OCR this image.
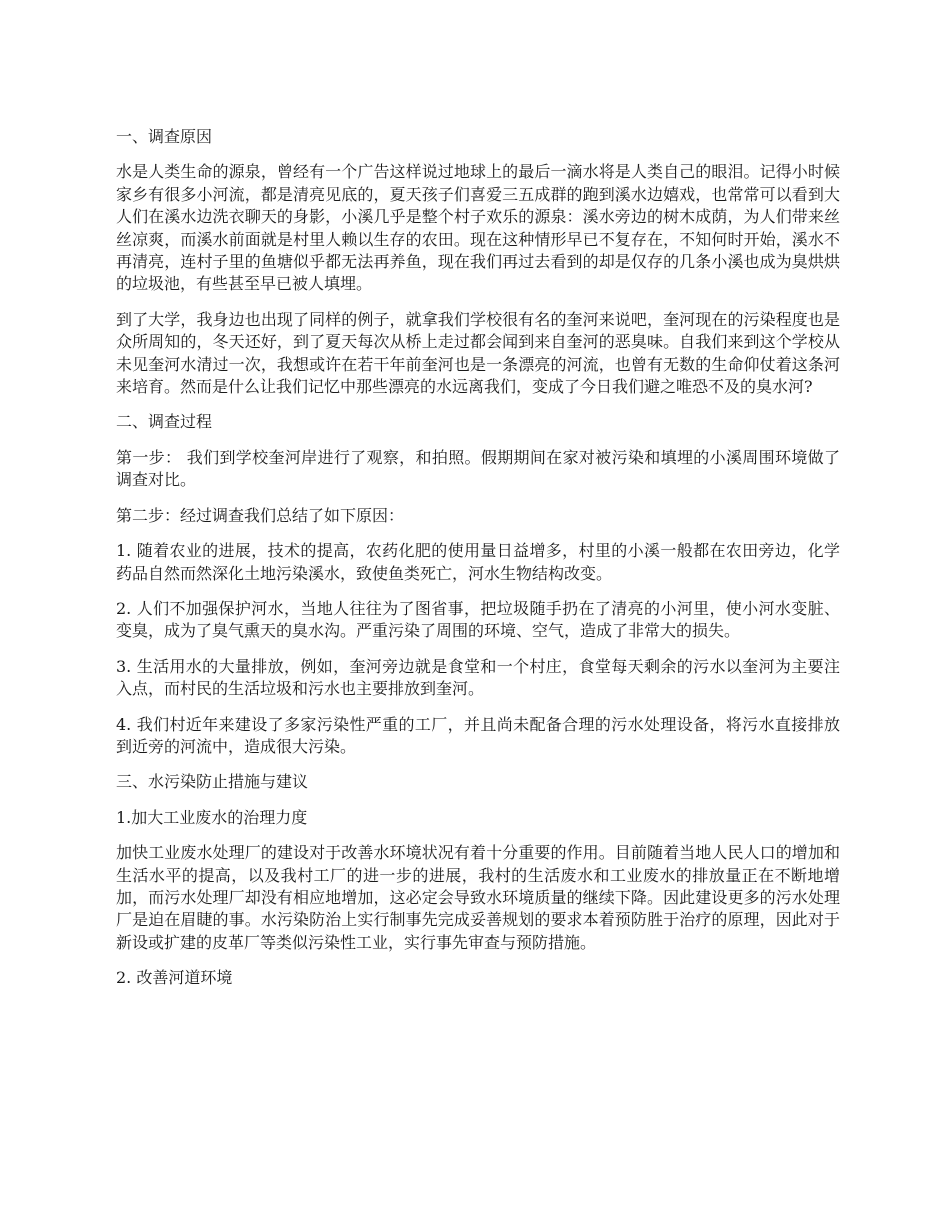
一、调查原因

水是人类生命的源泉，曾经有一个广告这样说过地球上的最后一滴水将是人类自己的眼泪。记得小时候家乡有很多小河流，都是清亮见底的，夏天孩子们喜爱三五成群的跑到溪水边嬉戏，也常常可以看到大人们在溪水边洗衣聊天的身影，小溪几乎是整个村子欢乐的源泉：溪水旁边的树木成荫，为人们带来丝丝凉爽，而溪水前面就是村里人赖以生存的农田。现在这种情形早已不复存在，不知何时开始，溪水不再清亮，连村子里的鱼塘似乎都无法再养鱼，现在我们再过去看到的却是仅存的几条小溪也成为臭烘烘的垃圾池，有些甚至早已被人填埋。

到了大学，我身边也出现了同样的例子，就拿我们学校很有名的奎河来说吧，奎河现在的污染程度也是众所周知的，冬天还好，到了夏天每次从桥上走过都会闻到来自奎河的恶臭味。自我们来到这个学校从未见奎河水清过一次，我想或许在若干年前奎河也是一条漂亮的河流，也曾有无数的生命仰仗着这条河来培育。然而是什么让我们记忆中那些漂亮的水远离我们，变成了今日我们避之唯恐不及的臭水河?

二、调查过程

第一步： 我们到学校奎河岸进行了观察，和拍照。假期期间在家对被污染和填埋的小溪周围环境做了调查对比。

第二步：经过调查我们总结了如下原因：

1. 随着农业的进展，技术的提高，农药化肥的使用量日益增多，村里的小溪一般都在农田旁边，化学药品自然而然深化土地污染溪水，致使鱼类死亡，河水生物结构改变。

2. 人们不加强保护河水，当地人往往为了图省事，把垃圾随手扔在了清亮的小河里，使小河水变脏、变臭，成为了臭气熏天的臭水沟。严重污染了周围的环境、空气，造成了非常大的损失。

3. 生活用水的大量排放，例如，奎河旁边就是食堂和一个村庄，食堂每天剩余的污水以奎河为主要注入点，而村民的生活垃圾和污水也主要排放到奎河。

4. 我们村近年来建设了多家污染性严重的工厂，并且尚未配备合理的污水处理设备，将污水直接排放到近旁的河流中，造成很大污染。

三、水污染防止措施与建议

1.加大工业废水的治理力度

加快工业废水处理厂的建设对于改善水环境状况有着十分重要的作用。目前随着当地人民人口的增加和生活水平的提高，以及我村工厂的进一步的进展，我村的生活废水和工业废水的排放量正在不断地增加，而污水处理厂却没有相应地增加，这必定会导致水环境质量的继续下降。因此建设更多的污水处理厂是迫在眉睫的事。水污染防治上实行制事先完成妥善规划的要求本着预防胜于治疗的原理，因此对于新设或扩建的皮革厂等类似污染性工业，实行事先审查与预防措施。

2. 改善河道环境
